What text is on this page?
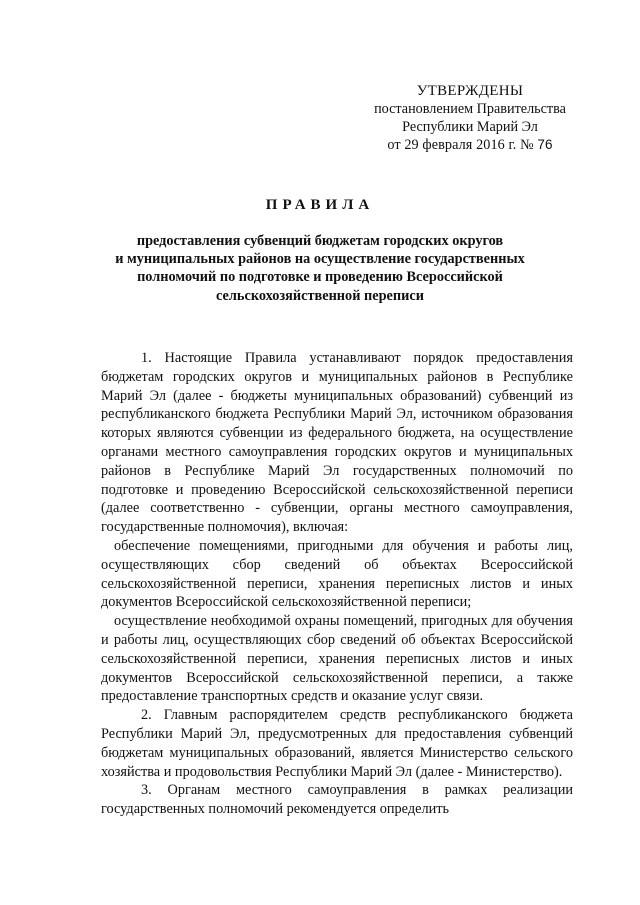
УТВЕРЖДЕНЫ
постановлением Правительства
Республики Марий Эл
от 29 февраля 2016 г. № 76
ПРАВИЛА
предоставления субвенций бюджетам городских округов
и муниципальных районов на осуществление государственных
полномочий по подготовке и проведению Всероссийской
сельскохозяйственной переписи

1. Настоящие Правила устанавливают порядок предоставления бюджетам городских округов и муниципальных районов в Республике Марий Эл (далее - бюджеты муниципальных образований) субвенций из республиканского бюджета Республики Марий Эл, источником образования которых являются субвенции из федерального бюджета, на осуществление органами местного самоуправления городских округов и муниципальных районов в Республике Марий Эл государственных полномочий по подготовке и проведению Всероссийской сельскохозяйственной переписи (далее соответственно - субвенции, органы местного самоуправления, государственные полномочия), включая:

обеспечение помещениями, пригодными для обучения и работы лиц, осуществляющих сбор сведений об объектах Всероссийской сельскохозяйственной переписи, хранения переписных листов и иных документов Всероссийской сельскохозяйственной переписи;

осуществление необходимой охраны помещений, пригодных для обучения и работы лиц, осуществляющих сбор сведений об объектах Всероссийской сельскохозяйственной переписи, хранения переписных листов и иных документов Всероссийской сельскохозяйственной переписи, а также предоставление транспортных средств и оказание услуг связи.

2. Главным распорядителем средств республиканского бюджета Республики Марий Эл, предусмотренных для предоставления субвенций бюджетам муниципальных образований, является Министерство сельского хозяйства и продовольствия Республики Марий Эл (далее - Министерство).

3. Органам местного самоуправления в рамках реализации государственных полномочий рекомендуется определить
